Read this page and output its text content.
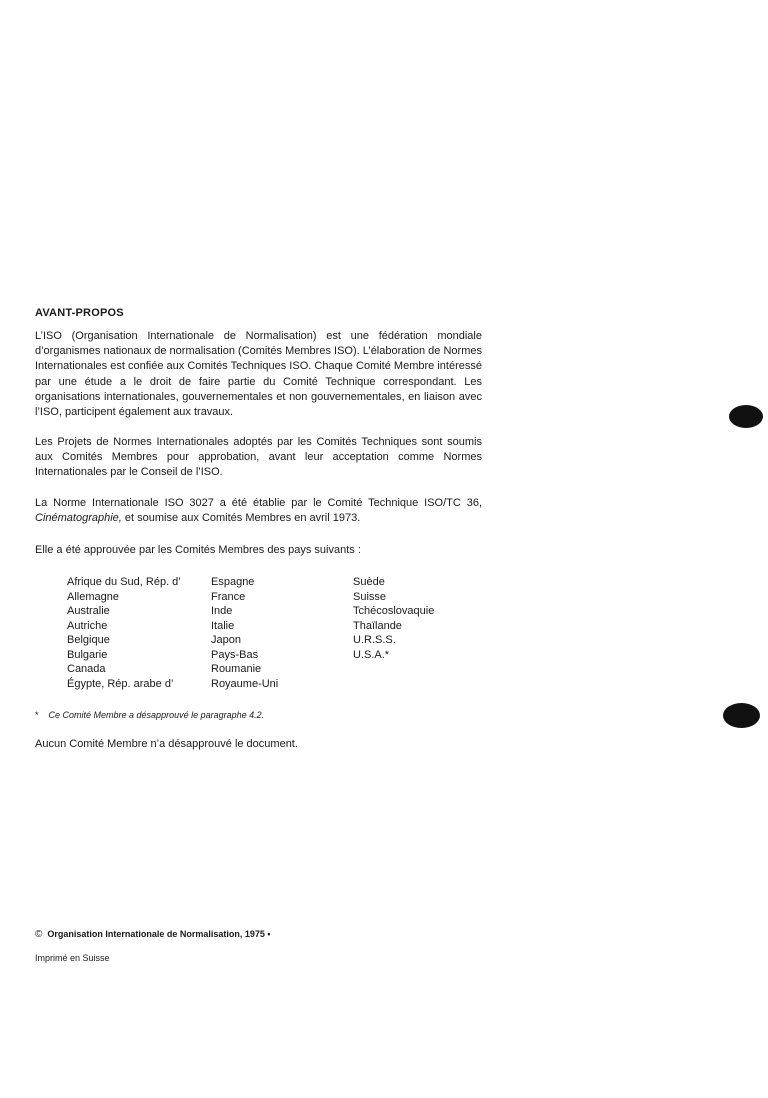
AVANT-PROPOS
L’ISO (Organisation Internationale de Normalisation) est une fédération mondiale d’organismes nationaux de normalisation (Comités Membres ISO). L’élaboration de Normes Internationales est confiée aux Comités Techniques ISO. Chaque Comité Membre intéressé par une étude a le droit de faire partie du Comité Technique correspondant. Les organisations internationales, gouvernementales et non gouvernementales, en liaison avec l’ISO, participent également aux travaux.
Les Projets de Normes Internationales adoptés par les Comités Techniques sont soumis aux Comités Membres pour approbation, avant leur acceptation comme Normes Internationales par le Conseil de l’ISO.
La Norme Internationale ISO 3027 a été établie par le Comité Technique ISO/TC 36, Cinématographie, et soumise aux Comités Membres en avril 1973.
Elle a été approuvée par les Comités Membres des pays suivants :
Afrique du Sud, Rép. d’
Allemagne
Australie
Autriche
Belgique
Bulgarie
Canada
Égypte, Rép. arabe d’
Espagne
France
Inde
Italie
Japon
Pays-Bas
Roumanie
Royaume-Uni
Suède
Suisse
Tchécoslovaquie
Thaïlande
U.R.S.S.
U.S.A.*
* Ce Comité Membre a désapprouvé le paragraphe 4.2.
Aucun Comité Membre n’a désapprouvé le document.
© Organisation Internationale de Normalisation, 1975 •
Imprimé en Suisse
